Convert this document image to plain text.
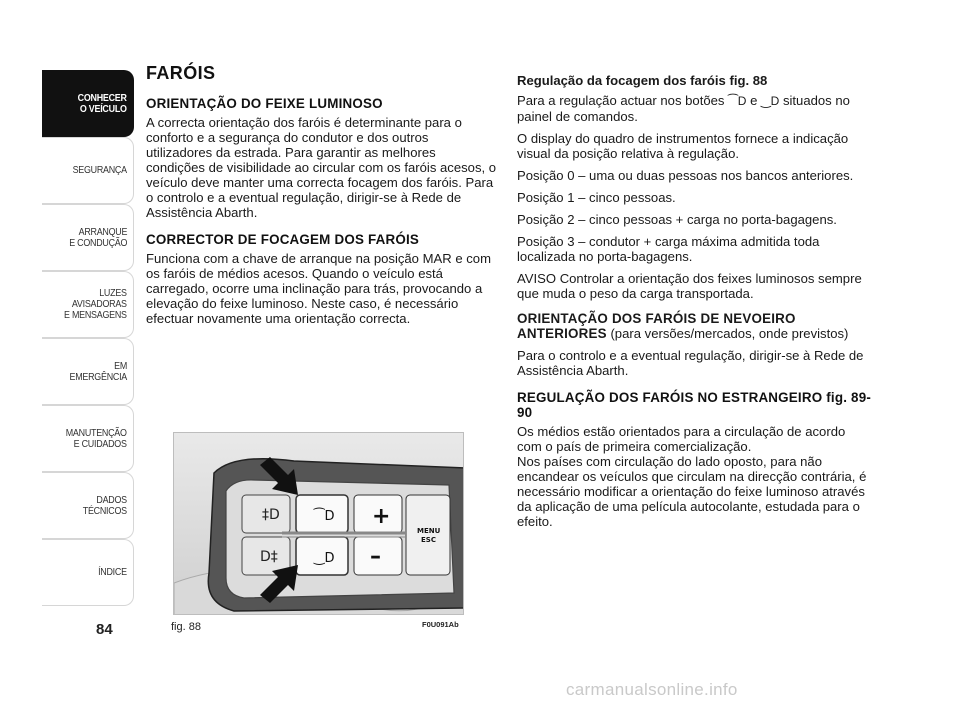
CONHECER
O VEÍCULO
SEGURANÇA
ARRANQUE
E CONDUÇÃO
LUZES
AVISADORAS
E MENSAGENS
EM EMERGÊNCIA
MANUTENÇÃO
E CUIDADOS
DADOS
TÉCNICOS
ÍNDICE
84
FARÓIS
ORIENTAÇÃO DO FEIXE LUMINOSO

A correcta orientação dos faróis é determinante para o conforto e a segurança do condutor e dos outros utilizadores da estrada. Para garantir as melhores condições de visibilidade ao circular com os faróis acesos, o veículo deve manter uma correcta focagem dos faróis. Para o controlo e a eventual regulação, dirigir-se à Rede de Assistência Abarth.

CORRECTOR DE FOCAGEM DOS FARÓIS

Funciona com a chave de arranque na posição MAR e com os faróis de médios acesos. Quando o veículo está carregado, ocorre uma inclinação para trás, provocando a elevação do feixe luminoso. Neste caso, é necessário efectuar novamente uma orientação correcta.

‡D
D‡
⁀D
‿D
+
–
MENU
ESC
fig. 88	F0U091Ab

Regulação da focagem dos faróis fig. 88

Para a regulação actuar nos botões ⁀D e ‿D situados no painel de comandos.

O display do quadro de instrumentos fornece a indicação visual da posição relativa à regulação.

Posição 0 – uma ou duas pessoas nos bancos anteriores.

Posição 1 – cinco pessoas.

Posição 2 – cinco pessoas + carga no porta-bagagens.

Posição 3 – condutor + carga máxima admitida toda localizada no porta-bagagens.

AVISO Controlar a orientação dos feixes luminosos sempre que muda o peso da carga transportada.

ORIENTAÇÃO DOS FARÓIS DE NEVOEIRO ANTERIORES (para versões/mercados, onde previstos)

Para o controlo e a eventual regulação, dirigir-se à Rede de Assistência Abarth.

REGULAÇÃO DOS FARÓIS NO ESTRANGEIRO fig. 89-90

Os médios estão orientados para a circulação de acordo com o país de primeira comercialização.

Nos países com circulação do lado oposto, para não encandear os veículos que circulam na direcção contrária, é necessário modificar a orientação do feixe luminoso através da aplicação de uma película autocolante, estudada para o efeito.

carmanualsonline.info
